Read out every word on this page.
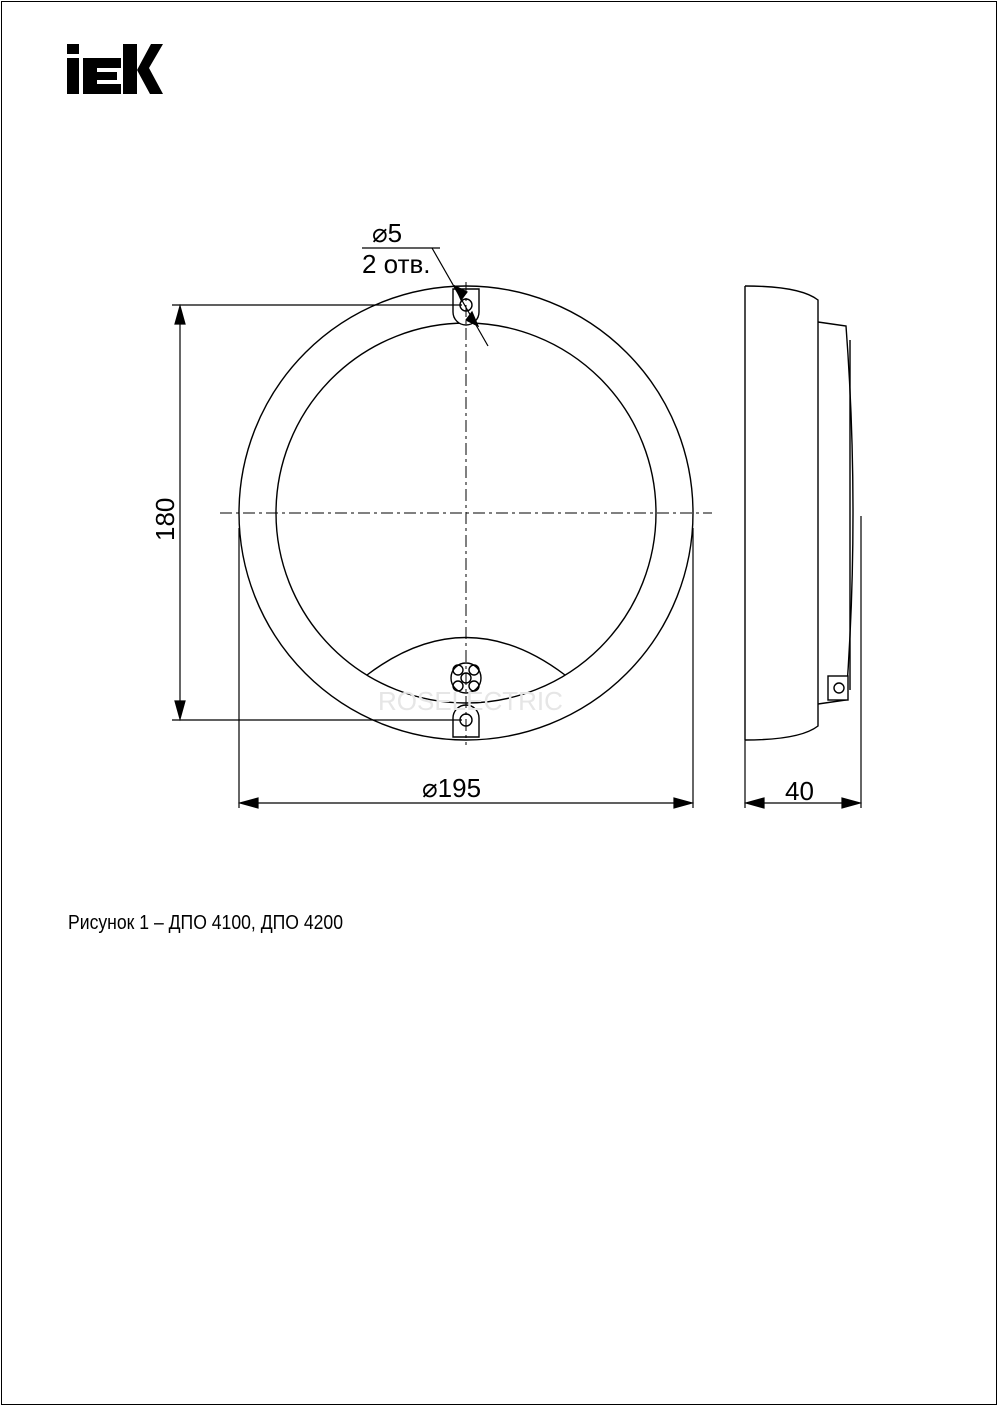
⌀5
2 отв.
180
⌀195	40
ROSELECTRIC
Рисунок 1 – ДПО 4100, ДПО 4200
